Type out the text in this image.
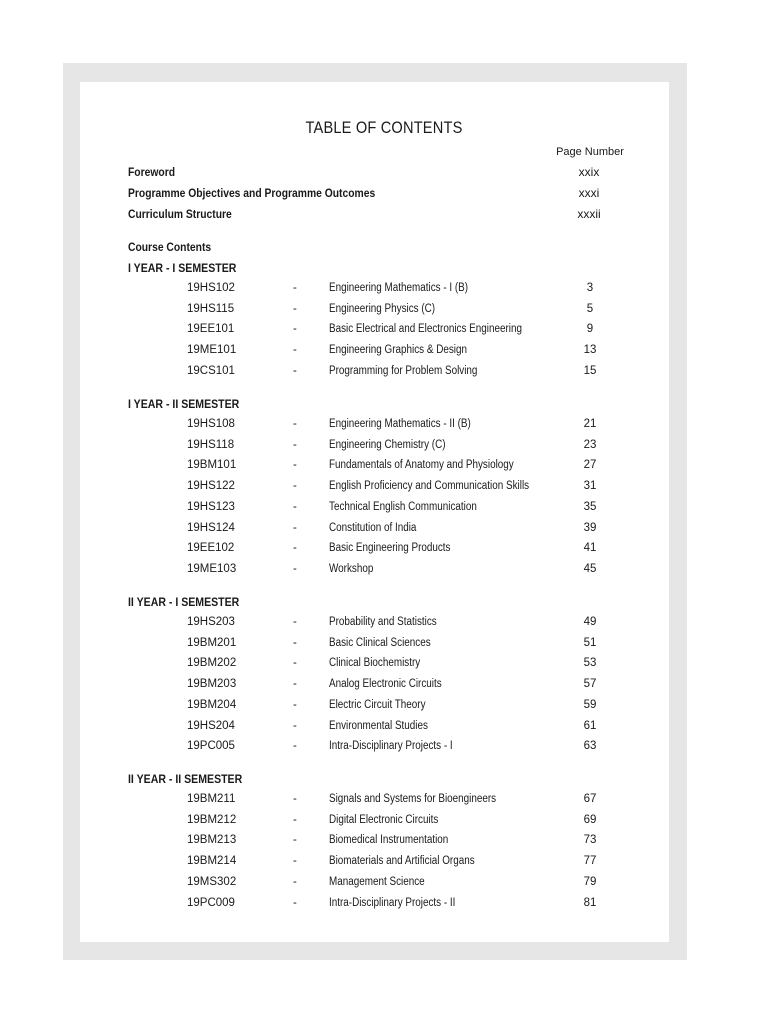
TABLE OF CONTENTS
Page Number
Foreword	xxix
Programme Objectives and Programme Outcomes	xxxi
Curriculum Structure	xxxii
Course Contents
I YEAR - I SEMESTER
19HS102	-	Engineering Mathematics - I (B)	3
19HS115	-	Engineering Physics (C)	5
19EE101	-	Basic Electrical and Electronics Engineering	9
19ME101	-	Engineering Graphics & Design	13
19CS101	-	Programming for Problem Solving	15
I YEAR - II SEMESTER
19HS108	-	Engineering Mathematics - II (B)	21
19HS118	-	Engineering Chemistry (C)	23
19BM101	-	Fundamentals of Anatomy and Physiology	27
19HS122	-	English Proficiency and Communication Skills	31
19HS123	-	Technical English Communication	35
19HS124	-	Constitution of India	39
19EE102	-	Basic Engineering Products	41
19ME103	-	Workshop	45
II YEAR - I SEMESTER
19HS203	-	Probability and Statistics	49
19BM201	-	Basic Clinical Sciences	51
19BM202	-	Clinical Biochemistry	53
19BM203	-	Analog Electronic Circuits	57
19BM204	-	Electric Circuit Theory	59
19HS204	-	Environmental Studies	61
19PC005	-	Intra-Disciplinary Projects - I	63
II YEAR - II SEMESTER
19BM211	-	Signals and Systems for Bioengineers	67
19BM212	-	Digital Electronic Circuits	69
19BM213	-	Biomedical Instrumentation	73
19BM214	-	Biomaterials and Artificial Organs	77
19MS302	-	Management Science	79
19PC009	-	Intra-Disciplinary Projects - II	81
